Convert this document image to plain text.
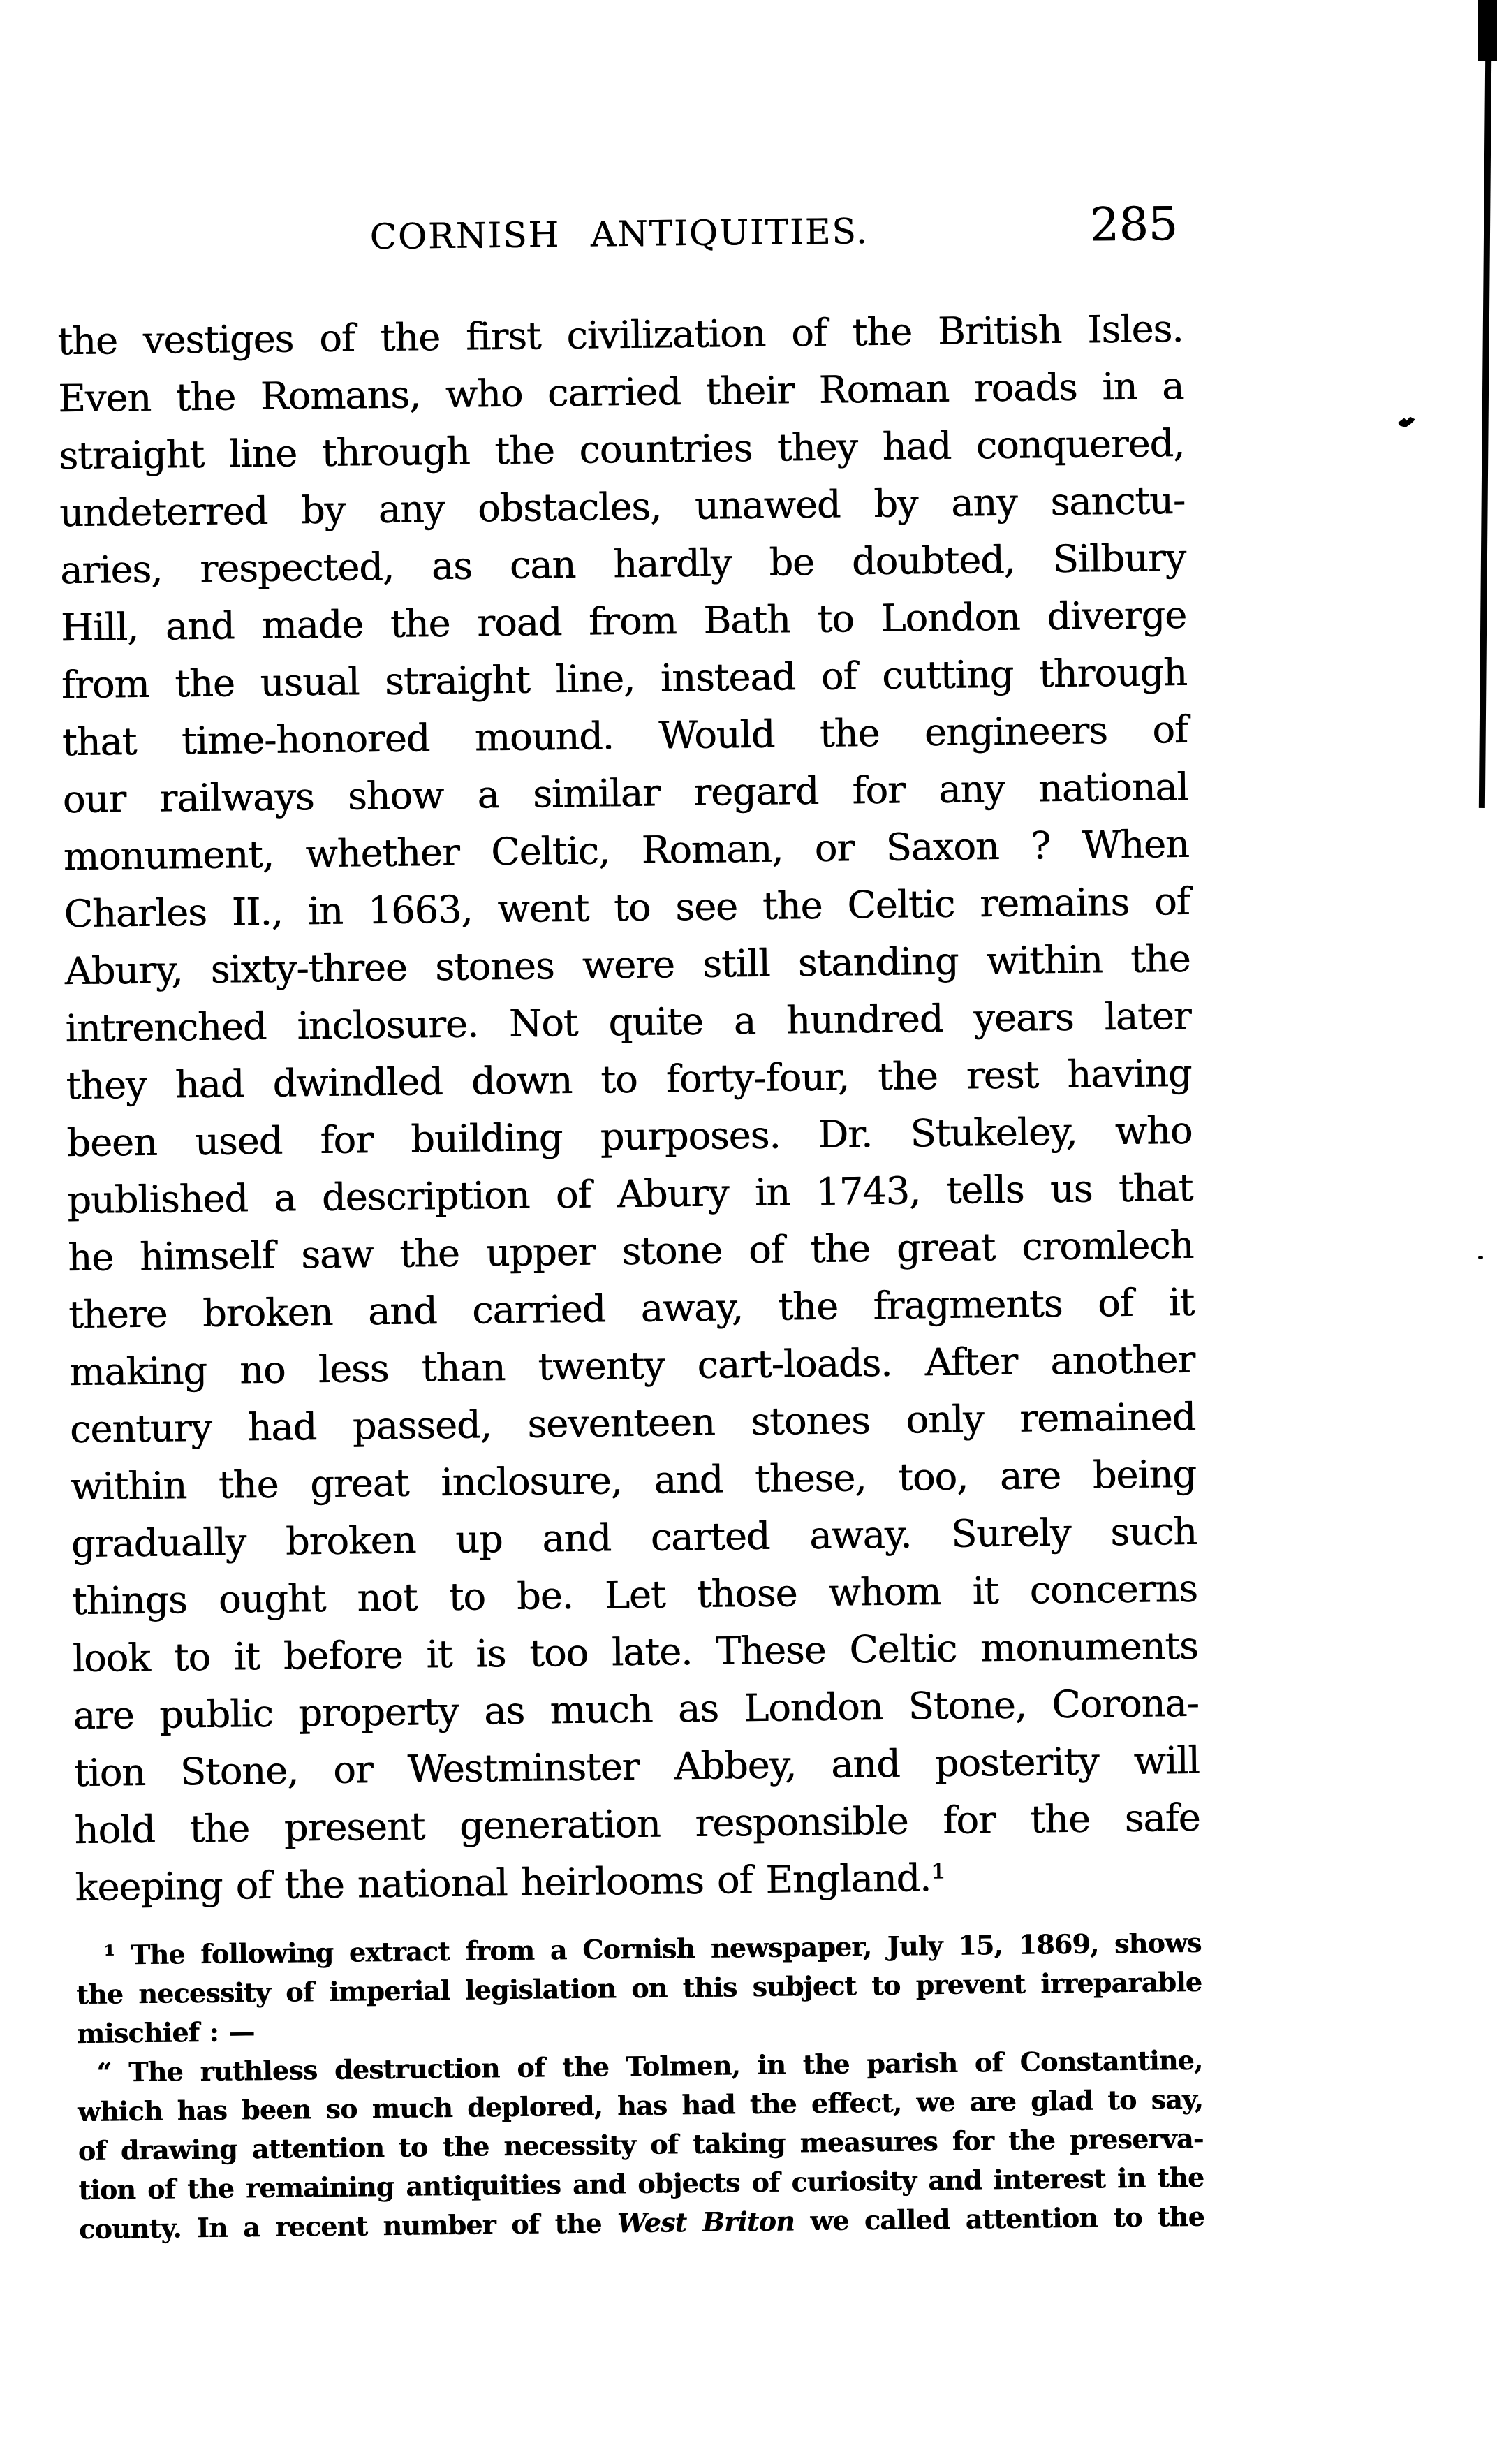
CORNISH ANTIQUITIES.	285
the vestiges of the first civilization of the British Isles.
Even the Romans, who carried their Roman roads in a
straight line through the countries they had conquered,
undeterred by any obstacles, unawed by any sanctu-
aries, respected, as can hardly be doubted, Silbury
Hill, and made the road from Bath to London diverge
from the usual straight line, instead of cutting through
that time-honored mound. Would the engineers of
our railways show a similar regard for any national
monument, whether Celtic, Roman, or Saxon ? When
Charles II., in 1663, went to see the Celtic remains of
Abury, sixty-three stones were still standing within the
intrenched inclosure. Not quite a hundred years later
they had dwindled down to forty-four, the rest having
been used for building purposes. Dr. Stukeley, who
published a description of Abury in 1743, tells us that
he himself saw the upper stone of the great cromlech
there broken and carried away, the fragments of it
making no less than twenty cart-loads. After another
century had passed, seventeen stones only remained
within the great inclosure, and these, too, are being
gradually broken up and carted away. Surely such
things ought not to be. Let those whom it concerns
look to it before it is too late. These Celtic monuments
are public property as much as London Stone, Corona-
tion Stone, or Westminster Abbey, and posterity will
hold the present generation responsible for the safe
keeping of the national heirlooms of England.¹
¹ The following extract from a Cornish newspaper, July 15, 1869, shows
the necessity of imperial legislation on this subject to prevent irreparable
mischief : —
“ The ruthless destruction of the Tolmen, in the parish of Constantine,
which has been so much deplored, has had the effect, we are glad to say,
of drawing attention to the necessity of taking measures for the preserva-
tion of the remaining antiquities and objects of curiosity and interest in the
county. In a recent number of the West Briton we called attention to the
